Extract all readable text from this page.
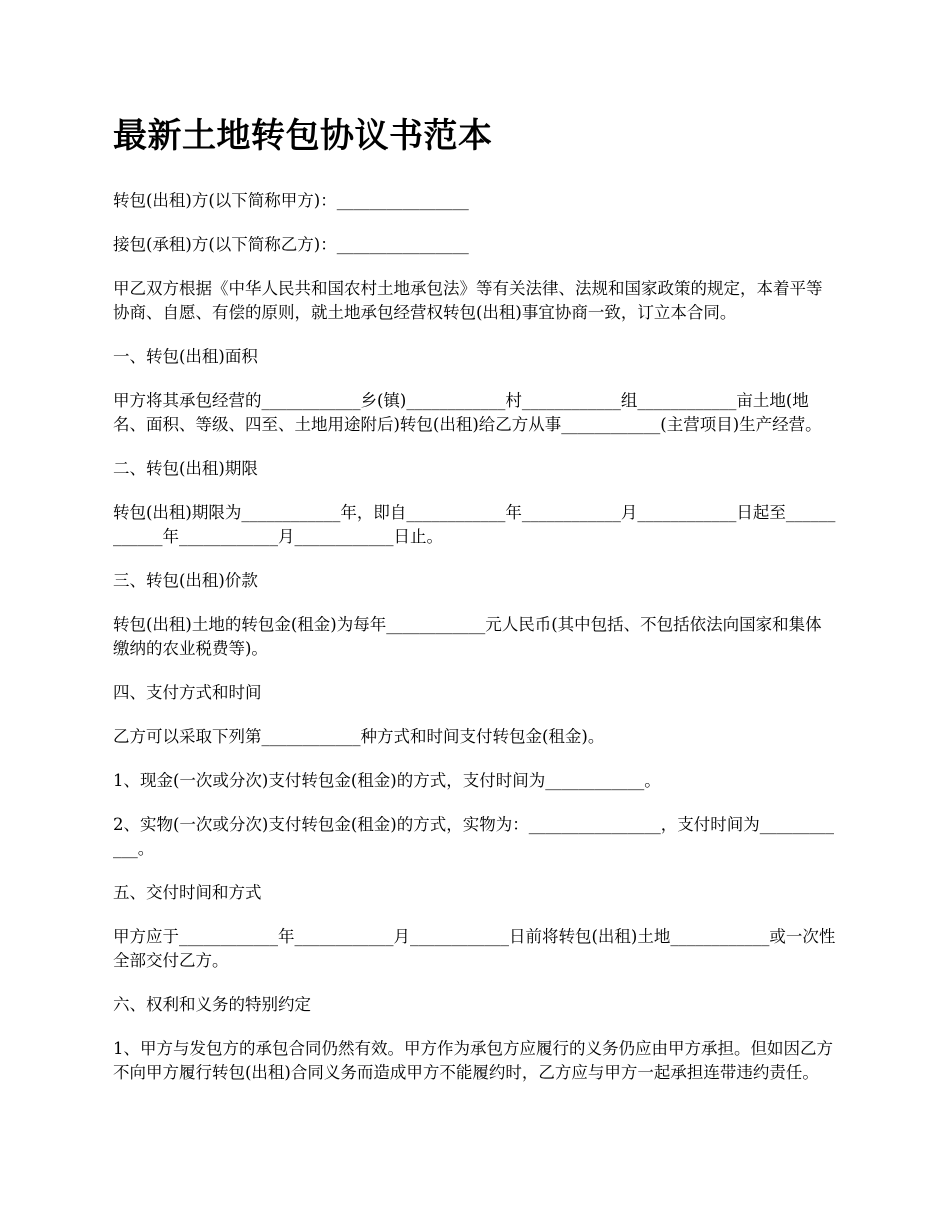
最新土地转包协议书范本

转包(出租)方(以下简称甲方)：________________

接包(承租)方(以下简称乙方)：________________

甲乙双方根据《中华人民共和国农村土地承包法》等有关法律、法规和国家政策的规定，本着平等协商、自愿、有偿的原则，就土地承包经营权转包(出租)事宜协商一致，订立本合同。

一、转包(出租)面积

甲方将其承包经营的____________乡(镇)____________村____________组____________亩土地(地名、面积、等级、四至、土地用途附后)转包(出租)给乙方从事____________(主营项目)生产经营。

二、转包(出租)期限

转包(出租)期限为____________年，即自____________年____________月____________日起至____________年____________月____________日止。

三、转包(出租)价款

转包(出租)土地的转包金(租金)为每年____________元人民币(其中包括、不包括依法向国家和集体缴纳的农业税费等)。

四、支付方式和时间

乙方可以采取下列第____________种方式和时间支付转包金(租金)。

1、现金(一次或分次)支付转包金(租金)的方式，支付时间为____________。

2、实物(一次或分次)支付转包金(租金)的方式，实物为：________________，支付时间为____________。

五、交付时间和方式

甲方应于____________年____________月____________日前将转包(出租)土地____________或一次性全部交付乙方。

六、权利和义务的特别约定

1、甲方与发包方的承包合同仍然有效。甲方作为承包方应履行的义务仍应由甲方承担。但如因乙方不向甲方履行转包(出租)合同义务而造成甲方不能履约时，乙方应与甲方一起承担连带违约责任。
